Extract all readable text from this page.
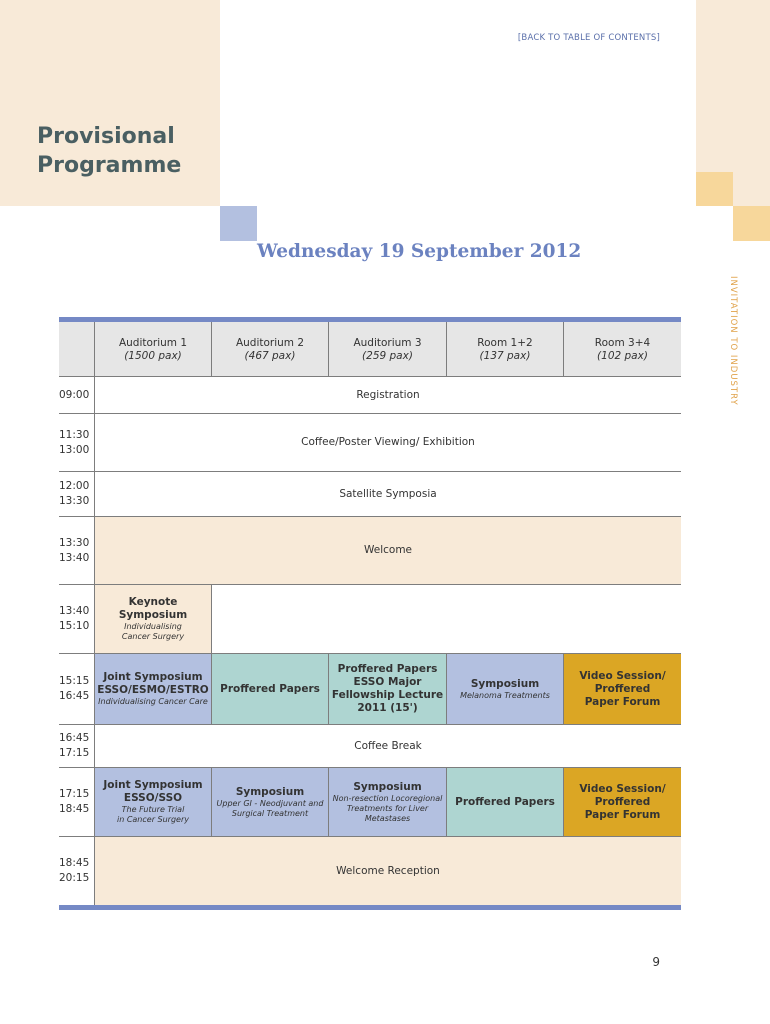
[BACK TO TABLE OF CONTENTS]
Provisional
Programme
Wednesday 19 September 2012
INVITATION TO INDUSTRY
Auditorium 1
(1500 pax)
Auditorium 2
(467 pax)
Auditorium 3
(259 pax)
Room 1+2
(137 pax)
Room 3+4
(102 pax)
09:00	Registration
11:30
13:00
Coffee/Poster Viewing/ Exhibition
12:00
13:30
Satellite Symposia
13:30
13:40
Welcome
13:40
15:10
Keynote
Symposium
Individualising
Cancer Surgery
15:15
16:45
Joint Symposium
ESSO/ESMO/ESTRO
Individualising Cancer Care
Proffered Papers
Proffered Papers
ESSO Major
Fellowship Lecture
2011 (15')
Symposium
Melanoma Treatments
Video Session/
Proffered
Paper Forum
16:45
17:15
Coffee Break
17:15
18:45
Joint Symposium
ESSO/SSO
The Future Trial
in Cancer Surgery
Symposium
Upper GI - Neodjuvant and
Surgical Treatment
Symposium
Non-resection Locoregional
Treatments for Liver
Metastases
Proffered Papers
Video Session/
Proffered
Paper Forum
18:45
20:15
Welcome Reception
9
